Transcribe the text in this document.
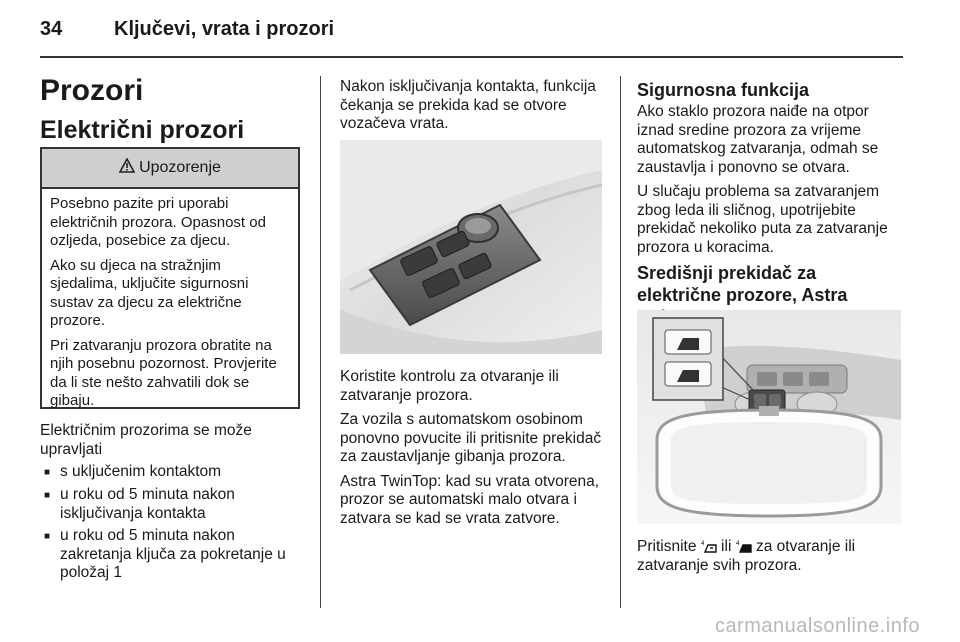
34	Ključevi, vrata i prozori
Prozori
Električni prozori
Upozorenje

Posebno pazite pri uporabi električnih prozora. Opasnost od ozljeda, posebice za djecu.

Ako su djeca na stražnjim sjedalima, uključite sigurnosni sustav za djecu za električne prozore.

Pri zatvaranju prozora obratite na njih posebnu pozornost. Provjerite da li ste nešto zahvatili dok se gibaju.

Električnim prozorima se može upravljati

■ s uključenim kontaktom
■ u roku od 5 minuta nakon isključivanja kontakta
■ u roku od 5 minuta nakon zakretanja ključa za pokretanje u položaj 1
Nakon isključivanja kontakta, funkcija čekanja se prekida kad se otvore vozačeva vrata.

Koristite kontrolu za otvaranje ili zatvaranje prozora.

Za vozila s automatskom osobinom ponovno povucite ili pritisnite prekidač za zaustavljanje gibanja prozora.

Astra TwinTop: kad su vrata otvorena, prozor se automatski malo otvara i zatvara se kad se vrata zatvore.

Sigurnosna funkcija

Ako staklo prozora naiđe na otpor iznad sredine prozora za vrijeme automatskog zatvaranja, odmah se zaustavlja i ponovno se otvara.

U slučaju problema sa zatvaranjem zbog leda ili sličnog, upotrijebite prekidač nekoliko puta za zatvaranje prozora u koracima.

Središnji prekidač za električne prozore, Astra
Pritisnite 4 ili 4 za otvaranje ili zatvaranje svih prozora.
carmanualsonline.info
